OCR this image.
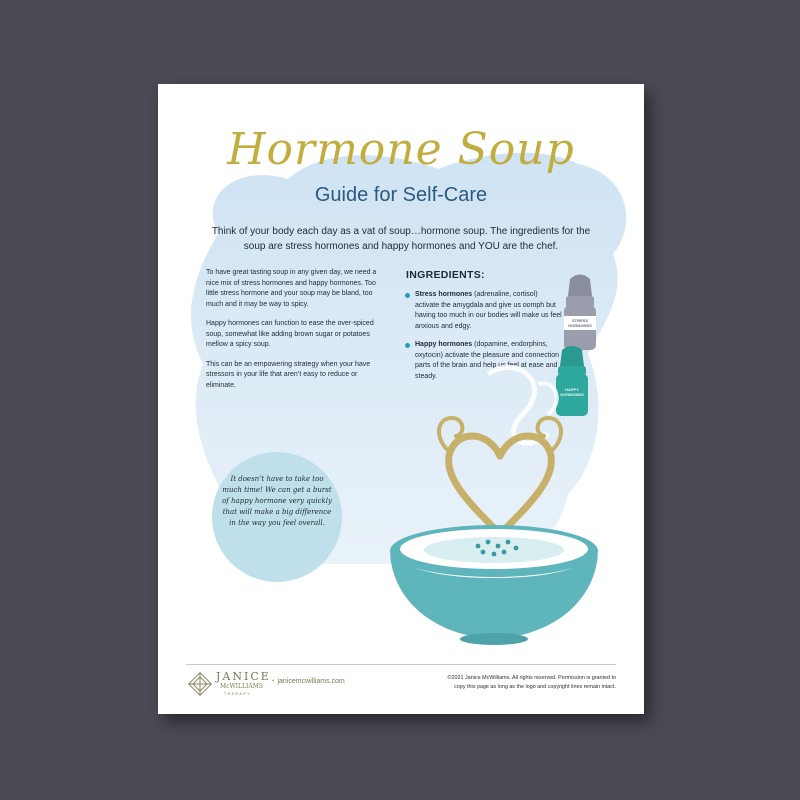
Hormone Soup
Guide for Self-Care
Think of your body each day as a vat of soup…hormone soup. The ingredients for the soup are stress hormones and happy hormones and YOU are the chef.

To have great tasting soup in any given day, we need a nice mix of stress hormones and happy hormones. Too little stress hormone and your soup may be bland, too much and it may be way to spicy.

Happy hormones can function to ease the over-spiced soup, somewhat like adding brown sugar or potatoes mellow a spicy soup.

This can be an empowering strategy when your have stressors in your life that aren’t easy to reduce or eliminate.

INGREDIENTS:
Stress hormones (adrenaline, cortisol) activate the amygdala and give us oomph but having too much in our bodies will make us feel anxious and edgy.
Happy hormones (dopamine, endorphins, oxytocin) activate the pleasure and connection parts of the brain and help us feel at ease and steady.
It doesn’t have to take too much time! We can get a burst of happy hormone very quickly that will make a big difference in the way you feel overall.
STRESS
HORMONES
HAPPY
HORMONES
JANICE
McWILLIAMS
THERAPY
• janicemcwilliams.com	©2021 Janice McWilliams. All rights reserved. Permission is granted to copy this page as long as the logo and copyright lines remain intact.
